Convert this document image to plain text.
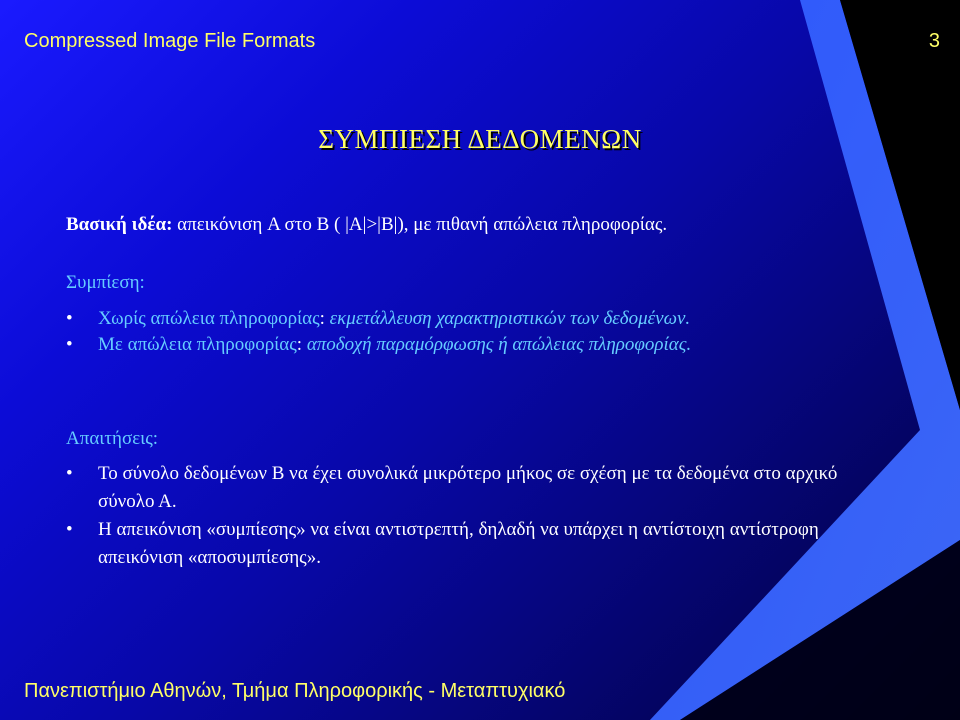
Compressed Image File Formats	3
ΣΥΜΠΙΕΣΗ ΔΕΔΟΜΕΝΩΝ
Βασική ιδέα: απεικόνιση A στο B ( |A|>|B|), με πιθανή απώλεια πληροφορίας.
Συμπίεση:
• Χωρίς απώλεια πληροφορίας: εκμετάλλευση χαρακτηριστικών των δεδομένων.
• Με απώλεια πληροφορίας: αποδοχή παραμόρφωσης ή απώλειας πληροφορίας.
Απαιτήσεις:
• Το σύνολο δεδομένων Β να έχει συνολικά μικρότερο μήκος σε σχέση με τα δεδομένα στο αρχικό σύνολο Α.
• Η απεικόνιση «συμπίεσης» να είναι αντιστρεπτή, δηλαδή να υπάρχει η αντίστοιχη αντίστροφη απεικόνιση «αποσυμπίεσης».
Πανεπιστήμιο Αθηνών, Τμήμα Πληροφορικής - Μεταπτυχιακό
